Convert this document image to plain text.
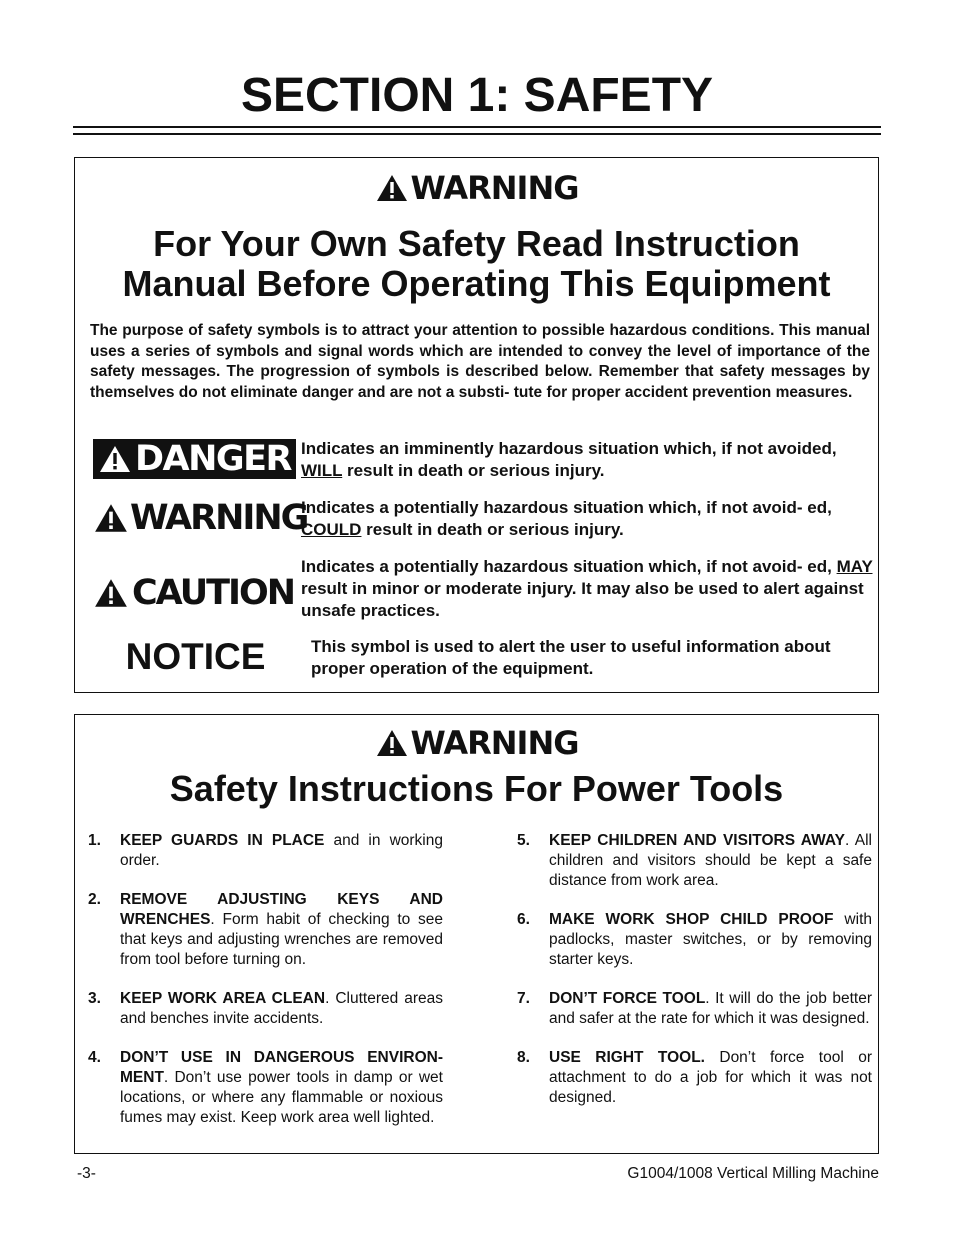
SECTION 1: SAFETY
WARNING
For Your Own Safety Read Instruction
Manual Before Operating This Equipment

The purpose of safety symbols is to attract your attention to possible hazardous conditions. This manual uses a series of symbols and signal words which are intended to convey the level of importance of the safety messages. The progression of symbols is described below. Remember that safety messages by themselves do not eliminate danger and are not a substi- tute for proper accident prevention measures.

DANGER Indicates an imminently hazardous situation which, if not avoided, WILL result in death or serious injury.
WARNING
Indicates a potentially hazardous situation which, if not avoid- ed, COULD result in death or serious injury.
CAUTION
Indicates a potentially hazardous situation which, if not avoid- ed, MAY result in minor or moderate injury. It may also be used to alert against unsafe practices.
NOTICE	This symbol is used to alert the user to useful information about proper operation of the equipment.
WARNING
Safety Instructions For Power Tools
1. KEEP GUARDS IN PLACE and in working order.
2. REMOVE ADJUSTING KEYS AND WRENCHES. Form habit of checking to see that keys and adjusting wrenches are removed from tool before turning on.
3. KEEP WORK AREA CLEAN. Cluttered areas and benches invite accidents.
4. DON’T USE IN DANGEROUS ENVIRON- MENT. Don’t use power tools in damp or wet locations, or where any flammable or noxious fumes may exist. Keep work area well lighted.
5. KEEP CHILDREN AND VISITORS AWAY. All children and visitors should be kept a safe distance from work area.
6. MAKE WORK SHOP CHILD PROOF with padlocks, master switches, or by removing starter keys.
7. DON’T FORCE TOOL. It will do the job better and safer at the rate for which it was designed.
8. USE RIGHT TOOL. Don’t force tool or attachment to do a job for which it was not designed.
-3-	G1004/1008 Vertical Milling Machine
